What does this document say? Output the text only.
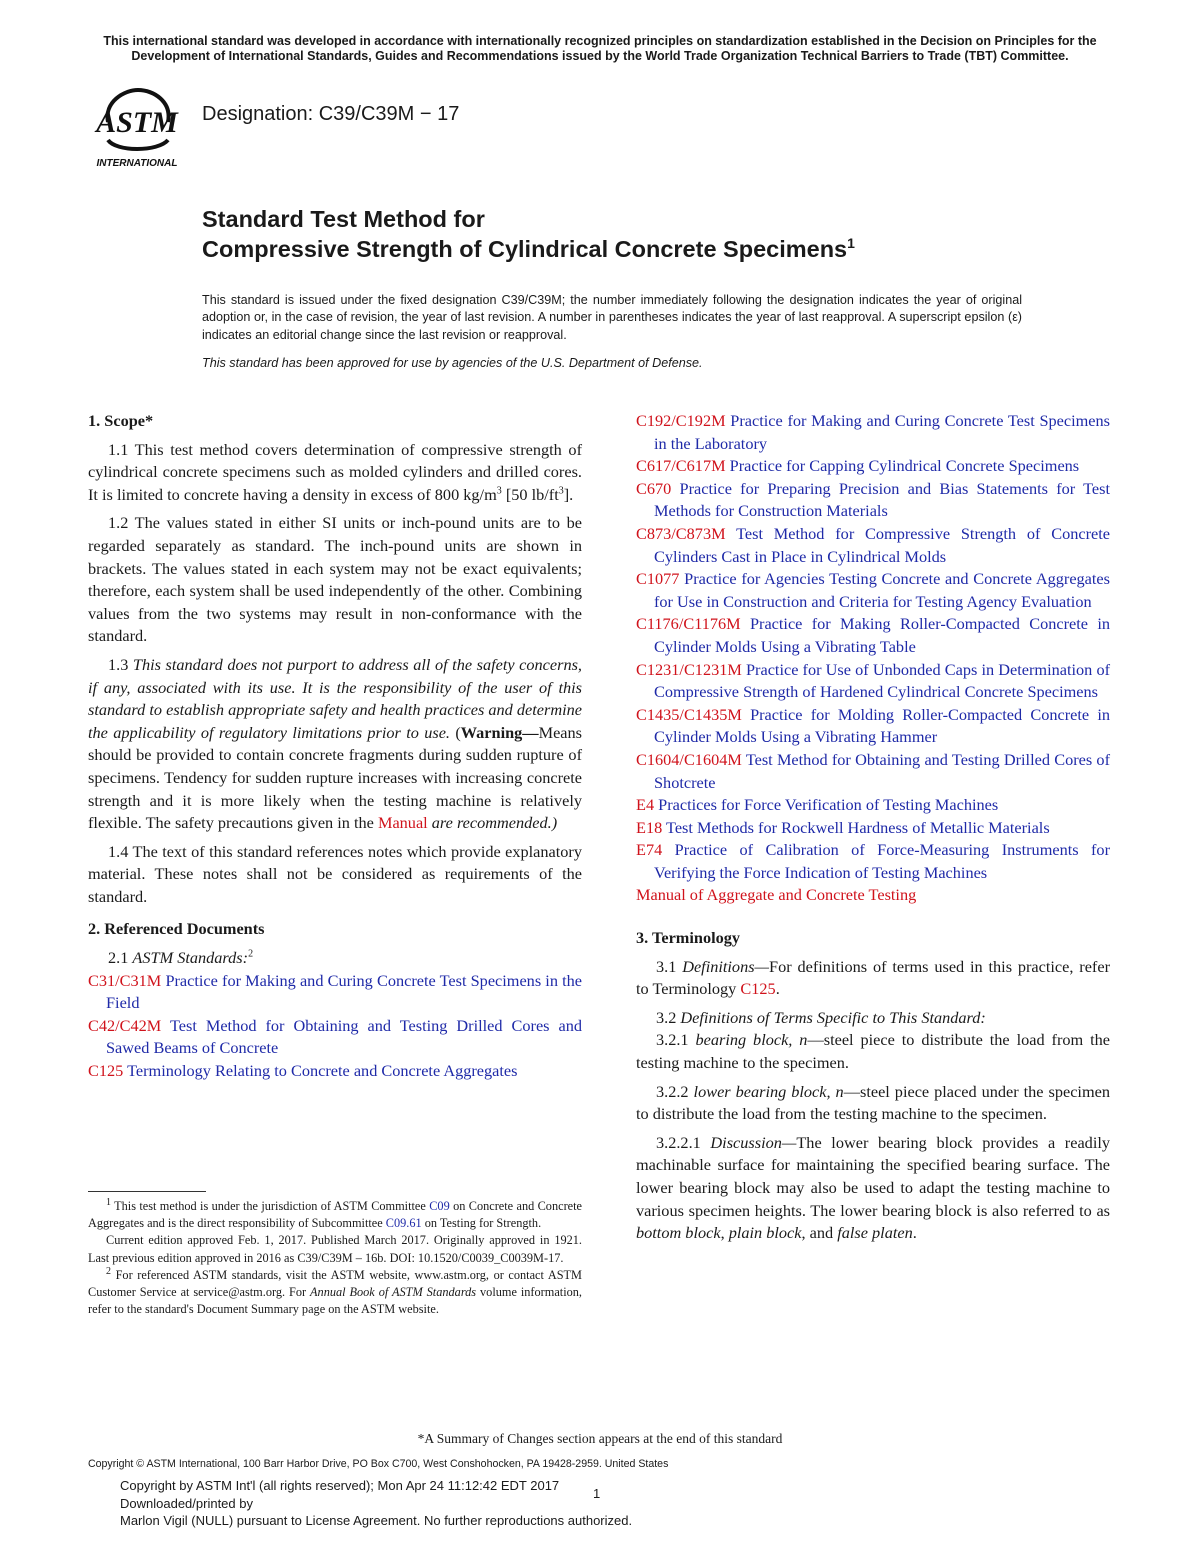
This international standard was developed in accordance with internationally recognized principles on standardization established in the Decision on Principles for the
Development of International Standards, Guides and Recommendations issued by the World Trade Organization Technical Barriers to Trade (TBT) Committee.
ASTM
INTERNATIONAL
Designation: C39/C39M − 17
Standard Test Method for
Compressive Strength of Cylindrical Concrete Specimens$^1$
This standard is issued under the fixed designation C39/C39M; the number immediately following the designation indicates the year of original adoption or, in the case of revision, the year of last revision. A number in parentheses indicates the year of last reapproval. A superscript epsilon (ε) indicates an editorial change since the last revision or reapproval.
This standard has been approved for use by agencies of the U.S. Department of Defense.

1. Scope*

1.1 This test method covers determination of compressive strength of cylindrical concrete specimens such as molded cylinders and drilled cores. It is limited to concrete having a density in excess of 800 $kg/m^3$ [50 $lb/ft^3$].

1.2 The values stated in either SI units or inch-pound units are to be regarded separately as standard. The inch-pound units are shown in brackets. The values stated in each system may not be exact equivalents; therefore, each system shall be used independently of the other. Combining values from the two systems may result in non-conformance with the standard.

1.3 This standard does not purport to address all of the safety concerns, if any, associated with its use. It is the responsibility of the user of this standard to establish appropriate safety and health practices and determine the applicability of regulatory limitations prior to use. (Warning—Means should be provided to contain concrete fragments during sudden rupture of specimens. Tendency for sudden rupture increases with increasing concrete strength and it is more likely when the testing machine is relatively flexible. The safety precautions given in the Manual are recommended.)

1.4 The text of this standard references notes which provide explanatory material. These notes shall not be considered as requirements of the standard.

2. Referenced Documents

2.1 ASTM Standards:$^2$

C31/C31M Practice for Making and Curing Concrete Test Specimens in the Field

C42/C42M Test Method for Obtaining and Testing Drilled Cores and Sawed Beams of Concrete

C125 Terminology Relating to Concrete and Concrete Aggregates

C192/C192M Practice for Making and Curing Concrete Test Specimens in the Laboratory

C617/C617M Practice for Capping Cylindrical Concrete Specimens

C670 Practice for Preparing Precision and Bias Statements for Test Methods for Construction Materials

C873/C873M Test Method for Compressive Strength of Concrete Cylinders Cast in Place in Cylindrical Molds

C1077 Practice for Agencies Testing Concrete and Concrete Aggregates for Use in Construction and Criteria for Testing Agency Evaluation

C1176/C1176M Practice for Making Roller-Compacted Concrete in Cylinder Molds Using a Vibrating Table

C1231/C1231M Practice for Use of Unbonded Caps in Determination of Compressive Strength of Hardened Cylindrical Concrete Specimens

C1435/C1435M Practice for Molding Roller-Compacted Concrete in Cylinder Molds Using a Vibrating Hammer

C1604/C1604M Test Method for Obtaining and Testing Drilled Cores of Shotcrete

E4 Practices for Force Verification of Testing Machines

E18 Test Methods for Rockwell Hardness of Metallic Materials

E74 Practice of Calibration of Force-Measuring Instruments for Verifying the Force Indication of Testing Machines

Manual of Aggregate and Concrete Testing

3. Terminology

3.1 Definitions—For definitions of terms used in this practice, refer to Terminology C125.

3.2 Definitions of Terms Specific to This Standard:

3.2.1 bearing block, n—steel piece to distribute the load from the testing machine to the specimen.

3.2.2 lower bearing block, n—steel piece placed under the specimen to distribute the load from the testing machine to the specimen.

3.2.2.1 Discussion—The lower bearing block provides a readily machinable surface for maintaining the specified bearing surface. The lower bearing block may also be used to adapt the testing machine to various specimen heights. The lower bearing block is also referred to as bottom block, plain block, and false platen.

$^1$ This test method is under the jurisdiction of ASTM Committee C09 on Concrete and Concrete Aggregates and is the direct responsibility of Subcommittee C09.61 on Testing for Strength.

Current edition approved Feb. 1, 2017. Published March 2017. Originally approved in 1921. Last previous edition approved in 2016 as C39/C39M – 16b. DOI: 10.1520/C0039_C0039M-17.

$^2$ For referenced ASTM standards, visit the ASTM website, www.astm.org, or contact ASTM Customer Service at service@astm.org. For Annual Book of ASTM Standards volume information, refer to the standard's Document Summary page on the ASTM website.

*A Summary of Changes section appears at the end of this standard
Copyright © ASTM International, 100 Barr Harbor Drive, PO Box C700, West Conshohocken, PA 19428-2959. United States
Copyright by ASTM Int'l (all rights reserved); Mon Apr 24 11:12:42 EDT 2017
Downloaded/printed by
Marlon Vigil (NULL) pursuant to License Agreement. No further reproductions authorized.
1
